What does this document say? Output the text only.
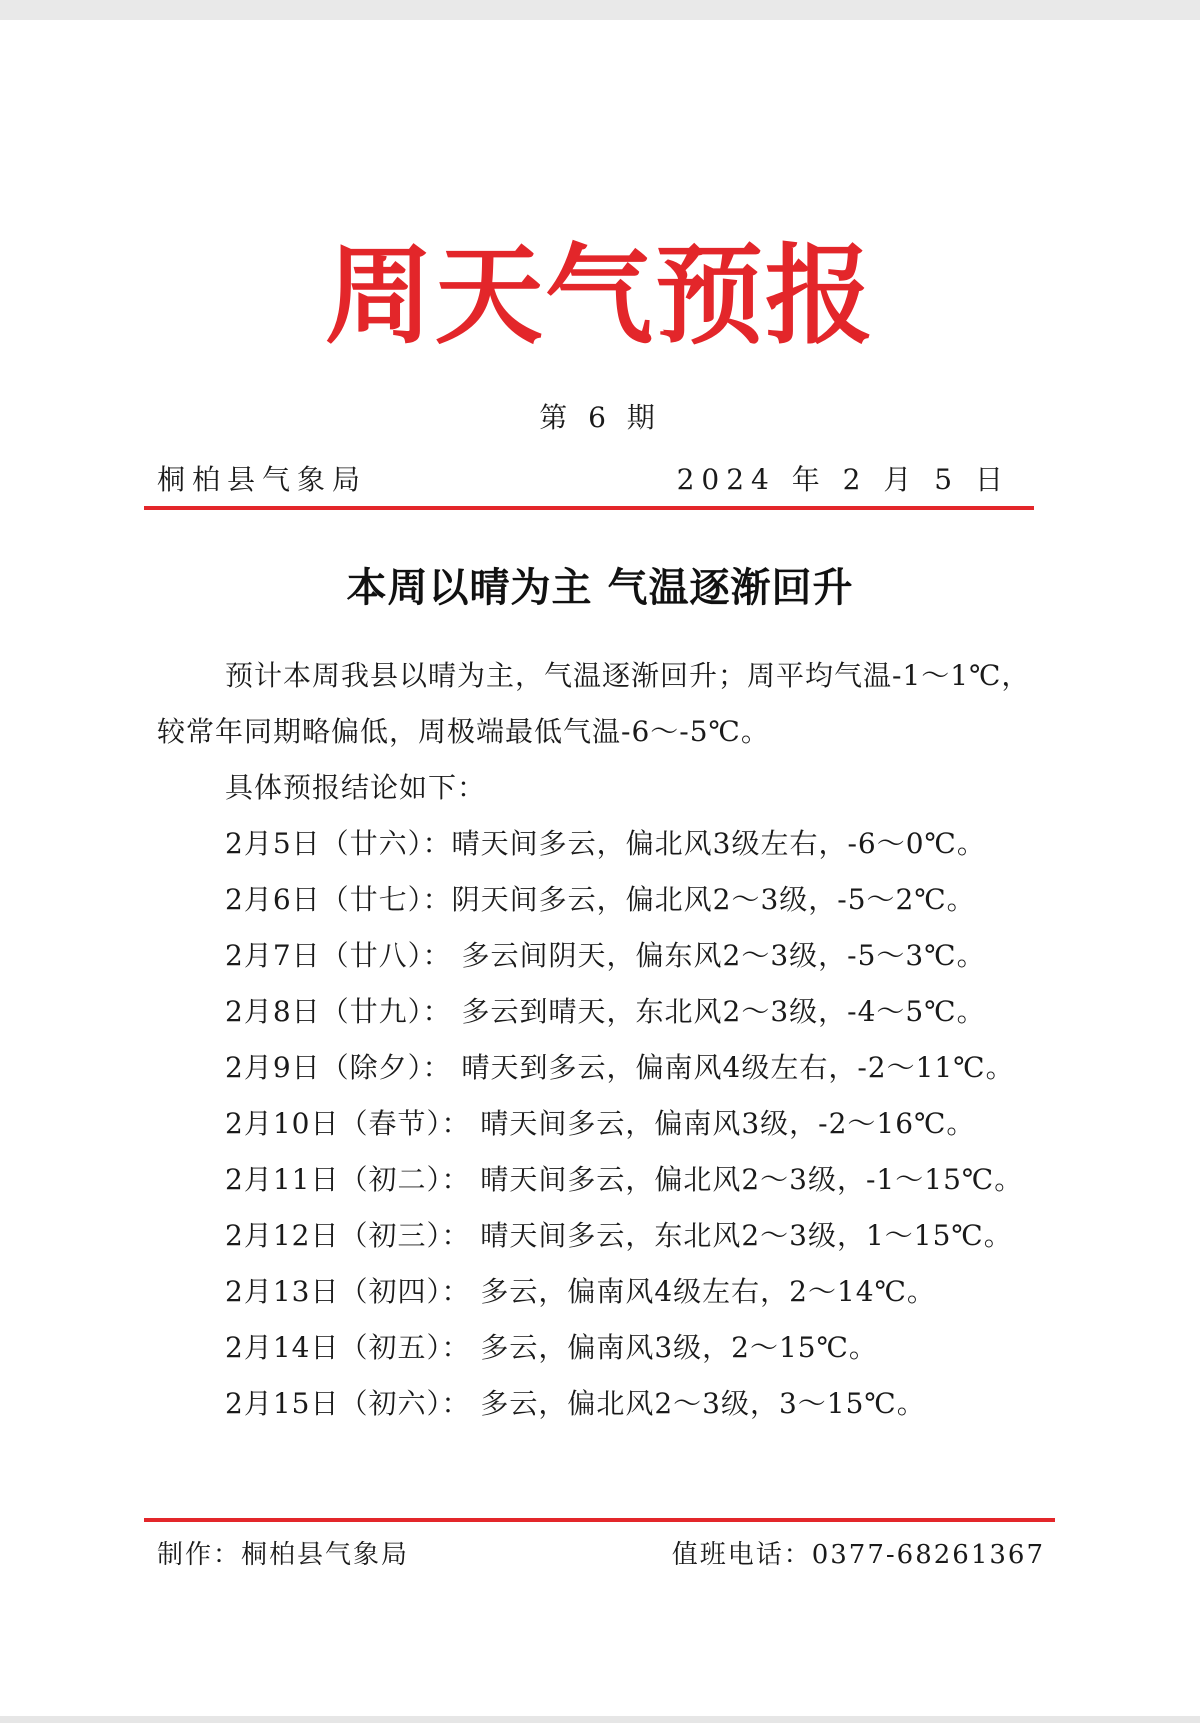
周天气预报
第 6 期
桐柏县气象局	2024 年 2 月 5 日
本周以晴为主 气温逐渐回升

预计本周我县以晴为主，气温逐渐回升；周平均气温-1～1℃，

较常年同期略偏低，周极端最低气温-6～-5℃。

具体预报结论如下：

2月5日（廿六）：晴天间多云，偏北风3级左右，-6～0℃。

2月6日（廿七）：阴天间多云，偏北风2～3级，-5～2℃。

2月7日（廿八）： 多云间阴天，偏东风2～3级，-5～3℃。

2月8日（廿九）： 多云到晴天，东北风2～3级，-4～5℃。

2月9日（除夕）： 晴天到多云，偏南风4级左右，-2～11℃。

2月10日（春节）： 晴天间多云，偏南风3级，-2～16℃。

2月11日（初二）： 晴天间多云，偏北风2～3级，-1～15℃。

2月12日（初三）： 晴天间多云，东北风2～3级，1～15℃。

2月13日（初四）： 多云，偏南风4级左右，2～14℃。

2月14日（初五）： 多云，偏南风3级，2～15℃。

2月15日（初六）： 多云，偏北风2～3级，3～15℃。

制作：桐柏县气象局	值班电话：0377-68261367
